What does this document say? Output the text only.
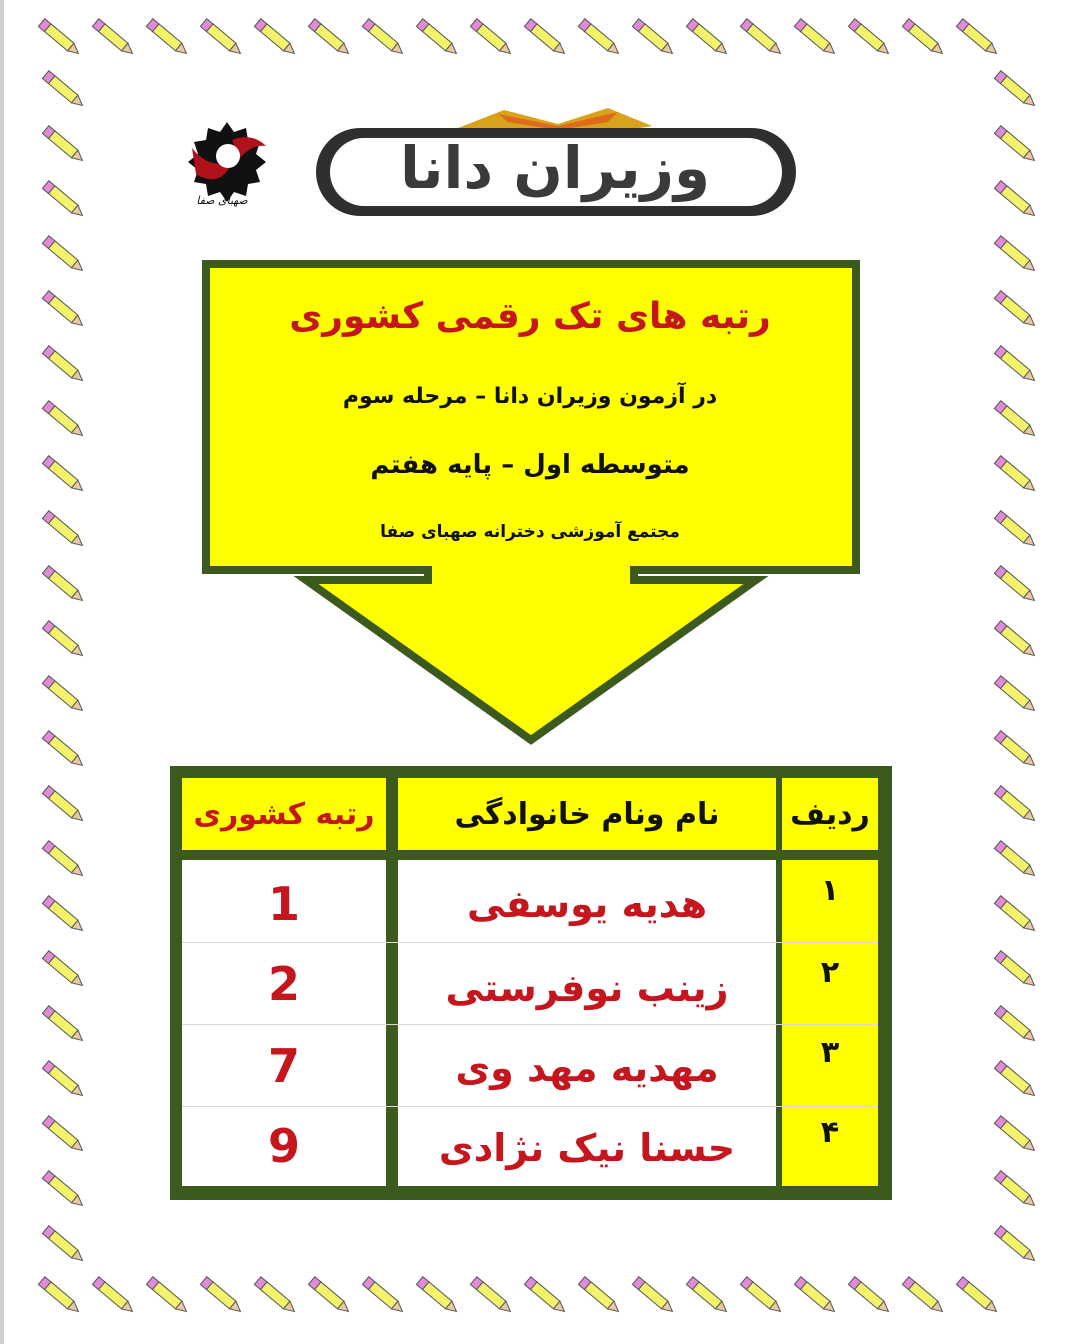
صهبای صفا	وزیران دانا
رتبه های تک رقمی کشوری
در آزمون وزیران دانا – مرحله سوم
متوسطه اول – پایه هفتم
مجتمع آموزشی دخترانه صهبای صفا
رتبه کشوری	نام ونام خانوادگی	ردیف
1	هدیه یوسفی	۱
2	زینب نوفرستی	۲
7	مهدیه مهد وی	۳
9	حسنا نیک نژادی	۴
